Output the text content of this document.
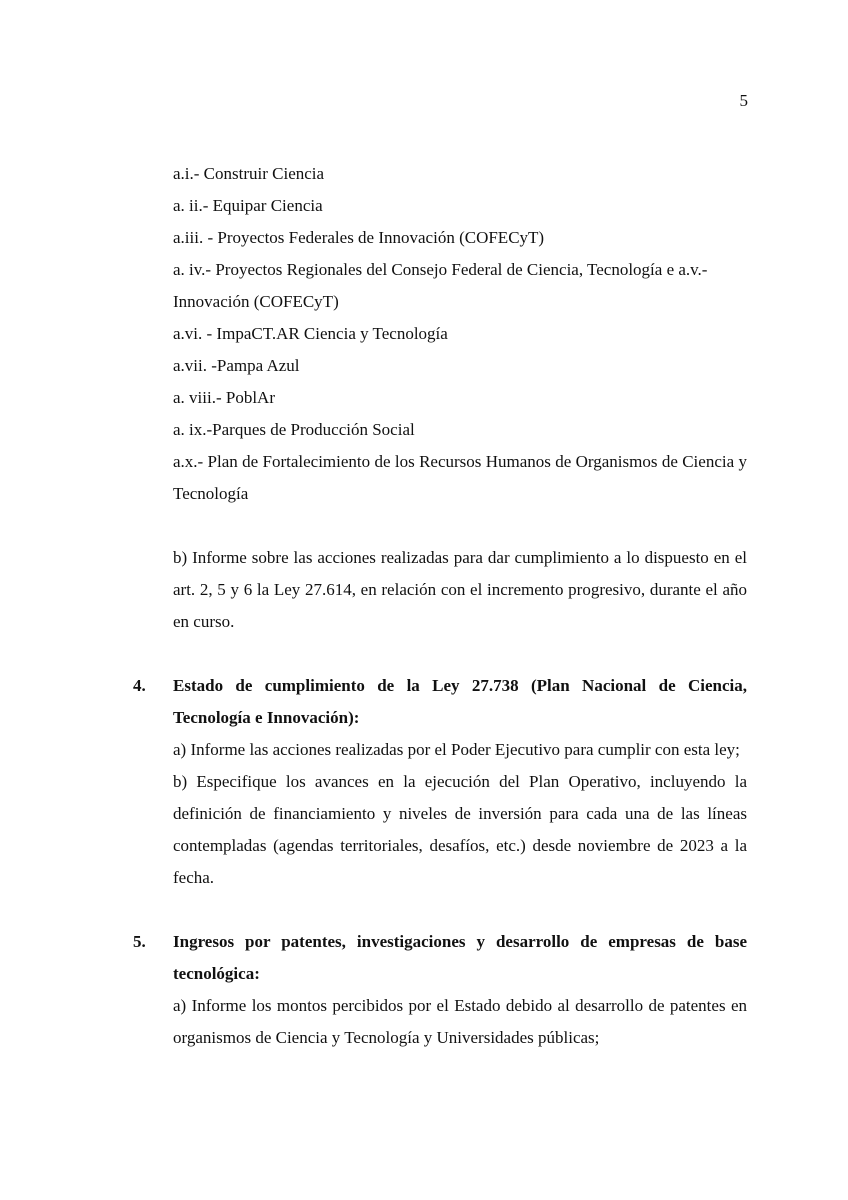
5
a.i.- Construir Ciencia
a. ii.- Equipar Ciencia
a.iii. - Proyectos Federales de Innovación (COFECyT)
a. iv.- Proyectos Regionales del Consejo Federal de Ciencia, Tecnología e a.v.-
Innovación (COFECyT)
a.vi. - ImpaCT.AR Ciencia y Tecnología
a.vii. -Pampa Azul
a. viii.- PoblAr
a. ix.-Parques de Producción Social
a.x.- Plan de Fortalecimiento de los Recursos Humanos de Organismos de Ciencia y Tecnología
b) Informe sobre las acciones realizadas para dar cumplimiento a lo dispuesto en el art. 2, 5 y 6 la Ley 27.614, en relación con el incremento progresivo, durante el año en curso.
4. Estado de cumplimiento de la Ley 27.738 (Plan Nacional de Ciencia, Tecnología e Innovación):
a) Informe las acciones realizadas por el Poder Ejecutivo para cumplir con esta ley;
b) Especifique los avances en la ejecución del Plan Operativo, incluyendo la definición de financiamiento y niveles de inversión para cada una de las líneas contempladas (agendas territoriales, desafíos, etc.) desde noviembre de 2023 a la fecha.
5. Ingresos por patentes, investigaciones y desarrollo de empresas de base tecnológica:
a) Informe los montos percibidos por el Estado debido al desarrollo de patentes en organismos de Ciencia y Tecnología y Universidades públicas;
